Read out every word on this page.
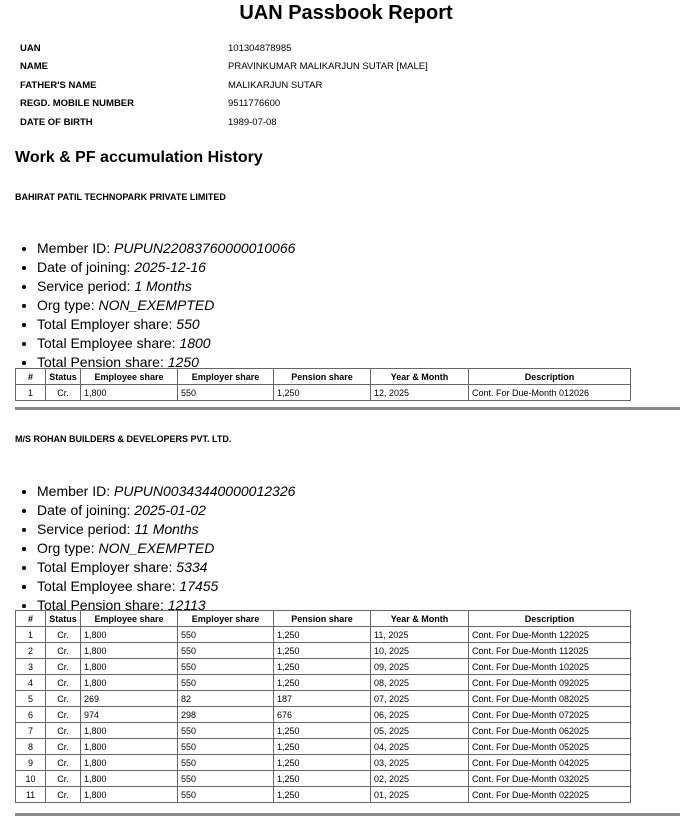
UAN Passbook Report
UAN	101304878985
NAME	PRAVINKUMAR MALIKARJUN SUTAR [MALE]
FATHER'S NAME	MALIKARJUN SUTAR
REGD. MOBILE NUMBER	9511776600
DATE OF BIRTH	1989-07-08
Work & PF accumulation History
BAHIRAT PATIL TECHNOPARK PRIVATE LIMITED
• Member ID: PUPUN22083760000010066
• Date of joining: 2025-12-16
• Service period: 1 Months
• Org type: NON_EXEMPTED
• Total Employer share: 550
• Total Employee share: 1800
• Total Pension share: 1250
#	Status	Employee share	Employer share	Pension share	Year & Month	Description
1	Cr.	1,800	550	1,250	12, 2025	Cont. For Due-Month 012026
M/S ROHAN BUILDERS & DEVELOPERS PVT. LTD.
• Member ID: PUPUN00343440000012326
• Date of joining: 2025-01-02
• Service period: 11 Months
• Org type: NON_EXEMPTED
• Total Employer share: 5334
• Total Employee share: 17455
• Total Pension share: 12113
#	Status	Employee share	Employer share	Pension share	Year & Month	Description
1	Cr.	1,800	550	1,250	11, 2025	Cont. For Due-Month 122025
2	Cr.	1,800	550	1,250	10, 2025	Cont. For Due-Month 112025
3	Cr.	1,800	550	1,250	09, 2025	Cont. For Due-Month 102025
4	Cr.	1,800	550	1,250	08, 2025	Cont. For Due-Month 092025
5	Cr.	269	82	187	07, 2025	Cont. For Due-Month 082025
6	Cr.	974	298	676	06, 2025	Cont. For Due-Month 072025
7	Cr.	1,800	550	1,250	05, 2025	Cont. For Due-Month 062025
8	Cr.	1,800	550	1,250	04, 2025	Cont. For Due-Month 052025
9	Cr.	1,800	550	1,250	03, 2025	Cont. For Due-Month 042025
10	Cr.	1,800	550	1,250	02, 2025	Cont. For Due-Month 032025
11	Cr.	1,800	550	1,250	01, 2025	Cont. For Due-Month 022025
